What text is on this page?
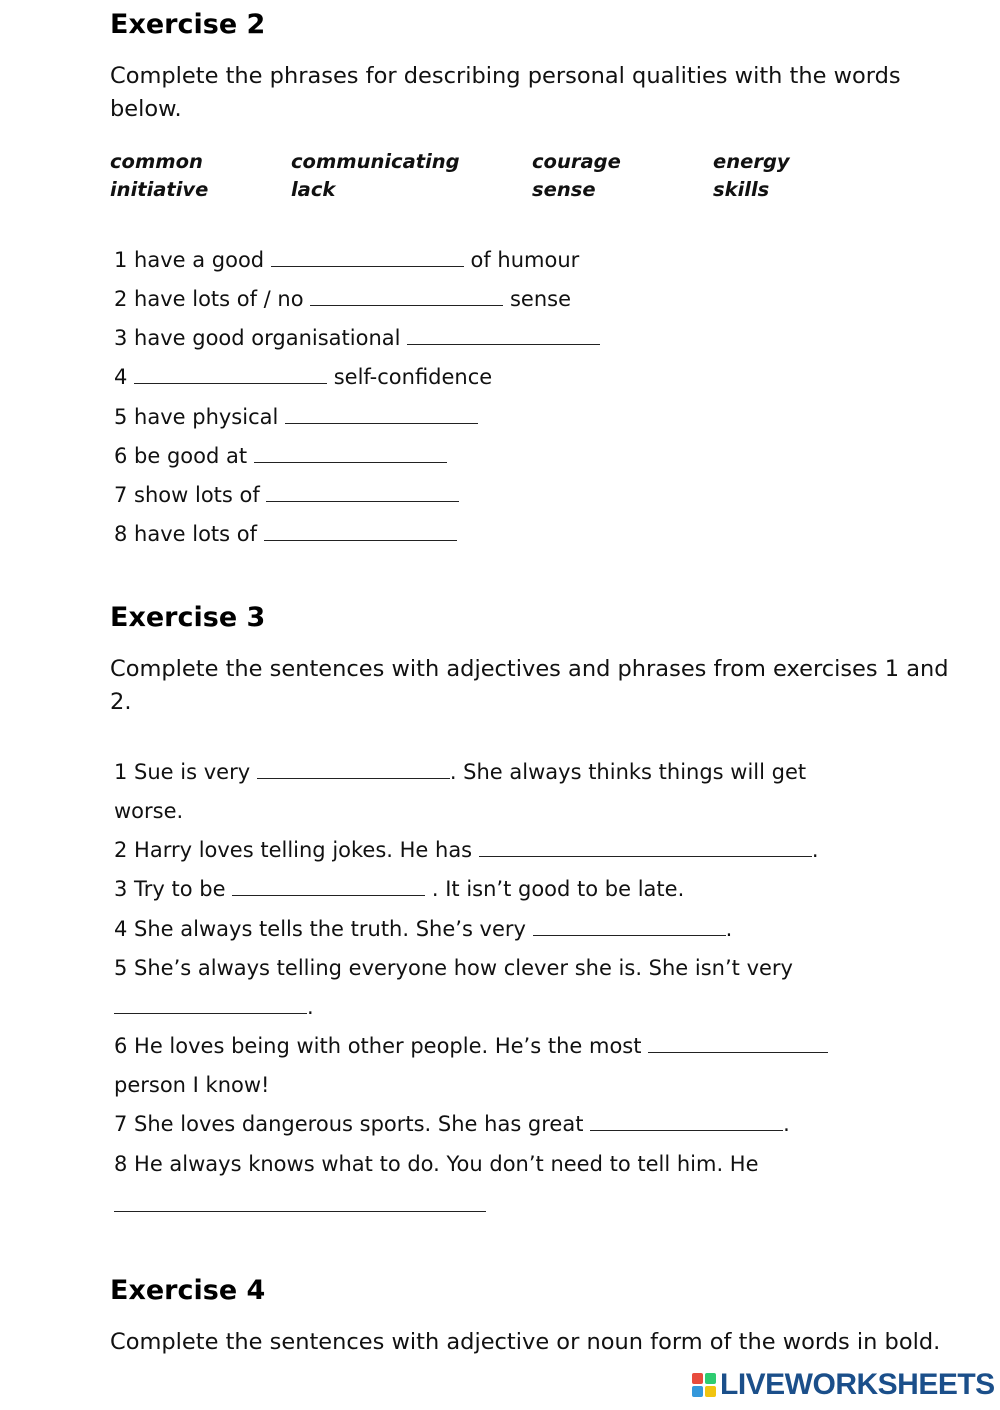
Exercise 2

Complete the phrases for describing personal qualities with the words below.

common	communicating	courage	energy
initiative	lack	sense	skills
1 have a good	of humour
2 have lots of / no	sense
3 have good organisational
4	self-confidence
5 have physical
6 be good at
7 show lots of
8 have lots of
Exercise 3

Complete the sentences with adjectives and phrases from exercises 1 and 2.

1 Sue is very	. She always thinks things will get
worse.
2 Harry loves telling jokes. He has	.
3 Try to be	. It isn’t good to be late.
4 She always tells the truth. She’s very	.
5 She’s always telling everyone how clever she is. She isn’t very
.
6 He loves being with other people. He’s the most
person I know!
7 She loves dangerous sports. She has great	.
8 He always knows what to do. You don’t need to tell him. He
Exercise 4

Complete the sentences with adjective or noun form of the words in bold.

LIVEWORKSHEETS
